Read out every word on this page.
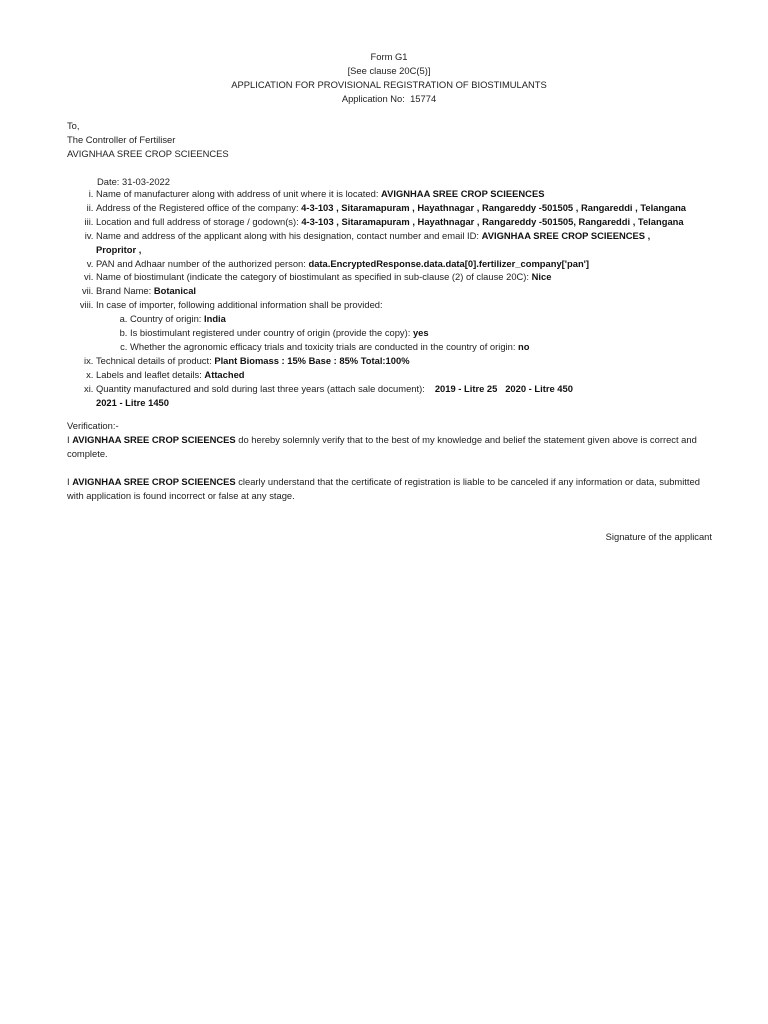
Form G1
[See clause 20C(5)]
APPLICATION FOR PROVISIONAL REGISTRATION OF BIOSTIMULANTS
Application No: 15774
To,
The Controller of Fertiliser
AVIGNHAA SREE CROP SCIEENCES
Date: 31-03-2022
i. Name of manufacturer along with address of unit where it is located: AVIGNHAA SREE CROP SCIEENCES
ii. Address of the Registered office of the company: 4-3-103 , Sitaramapuram , Hayathnagar , Rangareddy -501505 , Rangareddi , Telangana
iii. Location and full address of storage / godown(s): 4-3-103 , Sitaramapuram , Hayathnagar , Rangareddy -501505, Rangareddi , Telangana
iv. Name and address of the applicant along with his designation, contact number and email ID: AVIGNHAA SREE CROP SCIEENCES ,
Propritor ,
v. PAN and Adhaar number of the authorized person: data.EncryptedResponse.data.data[0].fertilizer_company['pan']
vi. Name of biostimulant (indicate the category of biostimulant as specified in sub-clause (2) of clause 20C): Nice
vii. Brand Name: Botanical
viii. In case of importer, following additional information shall be provided:
a. Country of origin: India
b. Is biostimulant registered under country of origin (provide the copy): yes
c. Whether the agronomic efficacy trials and toxicity trials are conducted in the country of origin: no
ix. Technical details of product: Plant Biomass : 15% Base : 85% Total:100%
x. Labels and leaflet details: Attached
xi. Quantity manufactured and sold during last three years (attach sale document): 2019 - Litre 25 2020 - Litre 450
2021 - Litre 1450

Verification:-

I AVIGNHAA SREE CROP SCIEENCES do hereby solemnly verify that to the best of my knowledge and belief the statement given above is correct and complete.

I AVIGNHAA SREE CROP SCIEENCES clearly understand that the certificate of registration is liable to be canceled if any information or data, submitted with application is found incorrect or false at any stage.

Signature of the applicant
